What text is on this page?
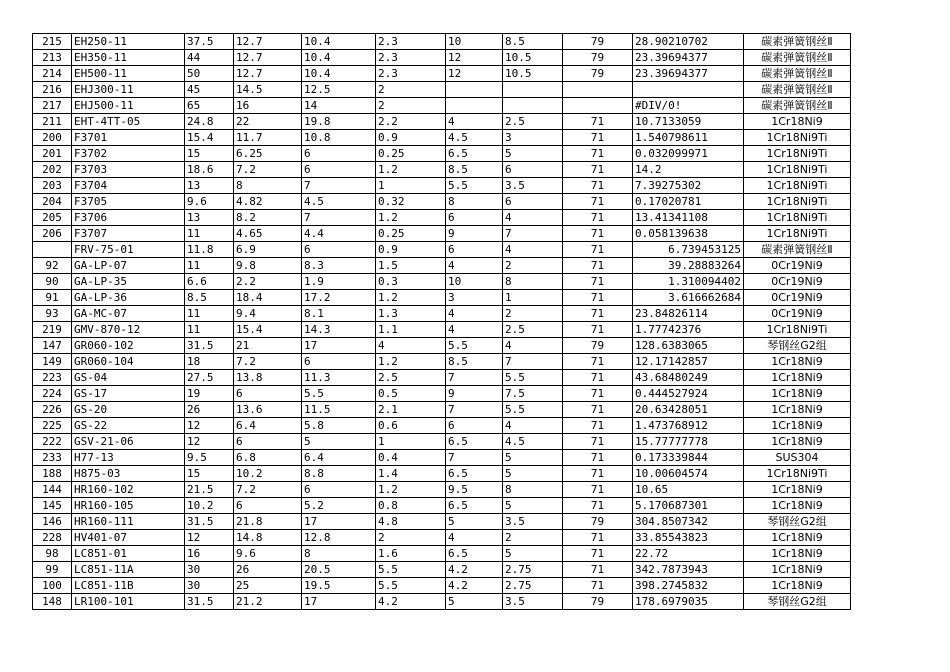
215	EH250-11	37.5	12.7	10.4	2.3	10	8.5	79	28.90210702	碳素弹簧钢丝Ⅱ
213	EH350-11	44	12.7	10.4	2.3	12	10.5	79	23.39694377	碳素弹簧钢丝Ⅱ
214	EH500-11	50	12.7	10.4	2.3	12	10.5	79	23.39694377	碳素弹簧钢丝Ⅱ
216	EHJ300-11	45	14.5	12.5	2					碳素弹簧钢丝Ⅱ
217	EHJ500-11	65	16	14	2				#DIV/0!	碳素弹簧钢丝Ⅱ
211	EHT-4TT-05	24.8	22	19.8	2.2	4	2.5	71	10.7133059	1Cr18Ni9
200	F3701	15.4	11.7	10.8	0.9	4.5	3	71	1.540798611	1Cr18Ni9Ti
201	F3702	15	6.25	6	0.25	6.5	5	71	0.032099971	1Cr18Ni9Ti
202	F3703	18.6	7.2	6	1.2	8.5	6	71	14.2	1Cr18Ni9Ti
203	F3704	13	8	7	1	5.5	3.5	71	7.39275302	1Cr18Ni9Ti
204	F3705	9.6	4.82	4.5	0.32	8	6	71	0.17020781	1Cr18Ni9Ti
205	F3706	13	8.2	7	1.2	6	4	71	13.41341108	1Cr18Ni9Ti
206	F3707	11	4.65	4.4	0.25	9	7	71	0.058139638	1Cr18Ni9Ti
	FRV-75-01	11.8	6.9	6	0.9	6	4	71	6.739453125	碳素弹簧钢丝Ⅱ
92	GA-LP-07	11	9.8	8.3	1.5	4	2	71	39.28883264	0Cr19Ni9
90	GA-LP-35	6.6	2.2	1.9	0.3	10	8	71	1.310094402	0Cr19Ni9
91	GA-LP-36	8.5	18.4	17.2	1.2	3	1	71	3.616662684	0Cr19Ni9
93	GA-MC-07	11	9.4	8.1	1.3	4	2	71	23.84826114	0Cr19Ni9
219	GMV-870-12	11	15.4	14.3	1.1	4	2.5	71	1.77742376	1Cr18Ni9Ti
147	GR060-102	31.5	21	17	4	5.5	4	79	128.6383065	琴钢丝G2组
149	GR060-104	18	7.2	6	1.2	8.5	7	71	12.17142857	1Cr18Ni9
223	GS-04	27.5	13.8	11.3	2.5	7	5.5	71	43.68480249	1Cr18Ni9
224	GS-17	19	6	5.5	0.5	9	7.5	71	0.444527924	1Cr18Ni9
226	GS-20	26	13.6	11.5	2.1	7	5.5	71	20.63428051	1Cr18Ni9
225	GS-22	12	6.4	5.8	0.6	6	4	71	1.473768912	1Cr18Ni9
222	GSV-21-06	12	6	5	1	6.5	4.5	71	15.77777778	1Cr18Ni9
233	H77-13	9.5	6.8	6.4	0.4	7	5	71	0.173339844	SUS304
188	H875-03	15	10.2	8.8	1.4	6.5	5	71	10.00604574	1Cr18Ni9Ti
144	HR160-102	21.5	7.2	6	1.2	9.5	8	71	10.65	1Cr18Ni9
145	HR160-105	10.2	6	5.2	0.8	6.5	5	71	5.170687301	1Cr18Ni9
146	HR160-111	31.5	21.8	17	4.8	5	3.5	79	304.8507342	琴钢丝G2组
228	HV401-07	12	14.8	12.8	2	4	2	71	33.85543823	1Cr18Ni9
98	LC851-01	16	9.6	8	1.6	6.5	5	71	22.72	1Cr18Ni9
99	LC851-11A	30	26	20.5	5.5	4.2	2.75	71	342.7873943	1Cr18Ni9
100	LC851-11B	30	25	19.5	5.5	4.2	2.75	71	398.2745832	1Cr18Ni9
148	LR100-101	31.5	21.2	17	4.2	5	3.5	79	178.6979035	琴钢丝G2组
